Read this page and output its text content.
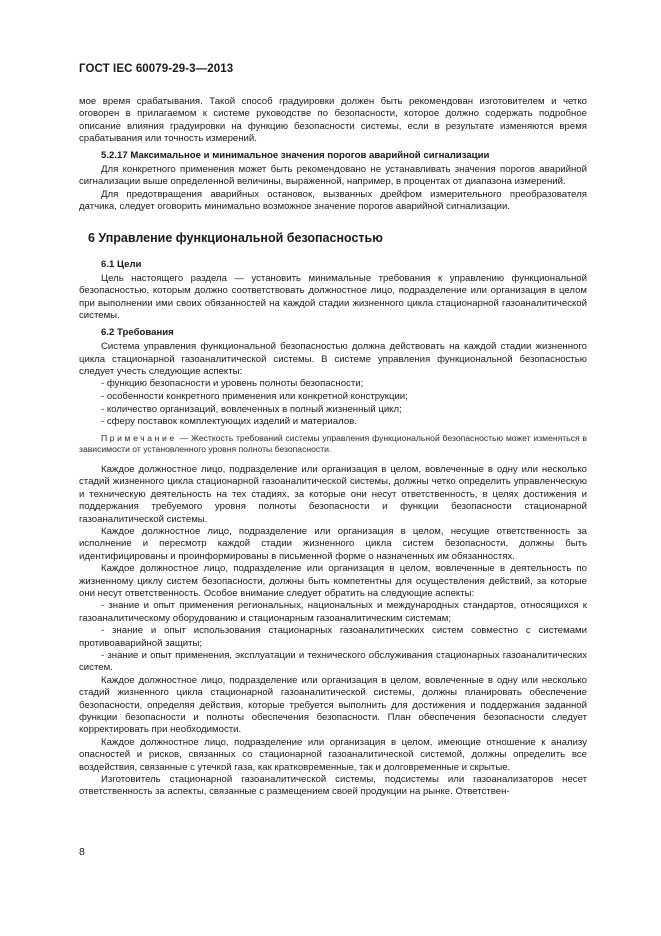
ГОСТ IEC 60079-29-3—2013

мое время срабатывания. Такой способ градуировки должен быть рекомендован изготовителем и четко оговорен в прилагаемом к системе руководстве по безопасности, которое должно содержать подробное описание влияния градуировки на функцию безопасности системы, если в результате изменяются время срабатывания или точность измерений.

5.2.17 Максимальное и минимальное значения порогов аварийной сигнализации

Для конкретного применения может быть рекомендовано не устанавливать значения порогов аварийной сигнализации выше определенной величины, выраженной, например, в процентах от диапазона измерений.

Для предотвращения аварийных остановок, вызванных дрейфом измерительного преобразователя датчика, следует оговорить минимально возможное значение порогов аварийной сигнализации.

6 Управление функциональной безопасностью

6.1 Цели

Цель настоящего раздела — установить минимальные требования к управлению функциональной безопасностью, которым должно соответствовать должностное лицо, подразделение или организация в целом при выполнении ими своих обязанностей на каждой стадии жизненного цикла стационарной газоаналитической системы.

6.2 Требования

Система управления функциональной безопасностью должна действовать на каждой стадии жизненного цикла стационарной газоаналитической системы. В системе управления функциональной безопасностью следует учесть следующие аспекты:

- функцию безопасности и уровень полноты безопасности;
- особенности конкретного применения или конкретной конструкции;
- количество организаций, вовлеченных в полный жизненный цикл;
- сферу поставок комплектующих изделий и материалов.

Примечание — Жесткость требований системы управления функциональной безопасностью может изменяться в зависимости от установленного уровня полноты безопасности.

Каждое должностное лицо, подразделение или организация в целом, вовлеченные в одну или несколько стадий жизненного цикла стационарной газоаналитической системы, должны четко определить управленческую и техническую деятельность на тех стадиях, за которые они несут ответственность, в целях достижения и поддержания требуемого уровня полноты безопасности и функции безопасности стационарной газоаналитической системы.

Каждое должностное лицо, подразделение или организация в целом, несущие ответственность за исполнение и пересмотр каждой стадии жизненного цикла систем безопасности, должны быть идентифицированы и проинформированы в письменной форме о назначенных им обязанностях.

Каждое должностное лицо, подразделение или организация в целом, вовлеченные в деятельность по жизненному циклу систем безопасности, должны быть компетентны для осуществления действий, за которые они несут ответственность. Особое внимание следует обратить на следующие аспекты:

- знание и опыт применения региональных, национальных и международных стандартов, относящихся к газоаналитическому оборудованию и стационарным газоаналитическим системам;

- знание и опыт использования стационарных газоаналитических систем совместно с системами противоаварийной защиты;

- знание и опыт применения, эксплуатации и технического обслуживания стационарных газоаналитических систем.

Каждое должностное лицо, подразделение или организация в целом, вовлеченные в одну или несколько стадий жизненного цикла стационарной газоаналитической системы, должны планировать обеспечение безопасности, определяя действия, которые требуется выполнить для достижения и поддержания заданной функции безопасности и полноты обеспечения безопасности. План обеспечения безопасности следует корректировать при необходимости.

Каждое должностное лицо, подразделение или организация в целом, имеющие отношение к анализу опасностей и рисков, связанных со стационарной газоаналитической системой, должны определить все воздействия, связанные с утечкой газа, как кратковременные, так и долговременные и скрытые.

Изготовитель стационарной газоаналитической системы, подсистемы или газоанализаторов несет ответственность за аспекты, связанные с размещением своей продукции на рынке. Ответствен-

8
